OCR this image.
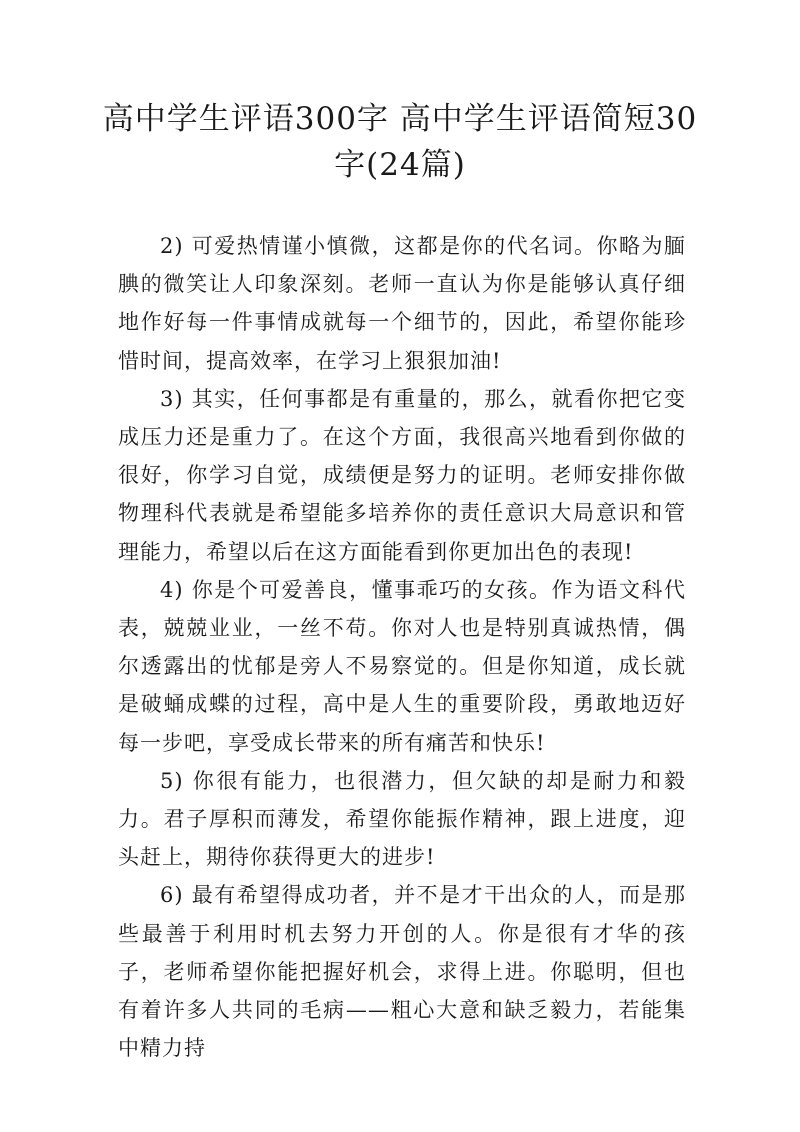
高中学生评语300字 高中学生评语简短30字(24篇)

2) 可爱热情谨小慎微，这都是你的代名词。你略为腼腆的微笑让人印象深刻。老师一直认为你是能够认真仔细地作好每一件事情成就每一个细节的，因此，希望你能珍惜时间，提高效率，在学习上狠狠加油!

3) 其实，任何事都是有重量的，那么，就看你把它变成压力还是重力了。在这个方面，我很高兴地看到你做的很好，你学习自觉，成绩便是努力的证明。老师安排你做物理科代表就是希望能多培养你的责任意识大局意识和管理能力，希望以后在这方面能看到你更加出色的表现!

4) 你是个可爱善良，懂事乖巧的女孩。作为语文科代表，兢兢业业，一丝不苟。你对人也是特别真诚热情，偶尔透露出的忧郁是旁人不易察觉的。但是你知道，成长就是破蛹成蝶的过程，高中是人生的重要阶段，勇敢地迈好每一步吧，享受成长带来的所有痛苦和快乐!

5) 你很有能力，也很潜力，但欠缺的却是耐力和毅力。君子厚积而薄发，希望你能振作精神，跟上进度，迎头赶上，期待你获得更大的进步!

6) 最有希望得成功者，并不是才干出众的人，而是那些最善于利用时机去努力开创的人。你是很有才华的孩子，老师希望你能把握好机会，求得上进。你聪明，但也有着许多人共同的毛病——粗心大意和缺乏毅力，若能集中精力持
